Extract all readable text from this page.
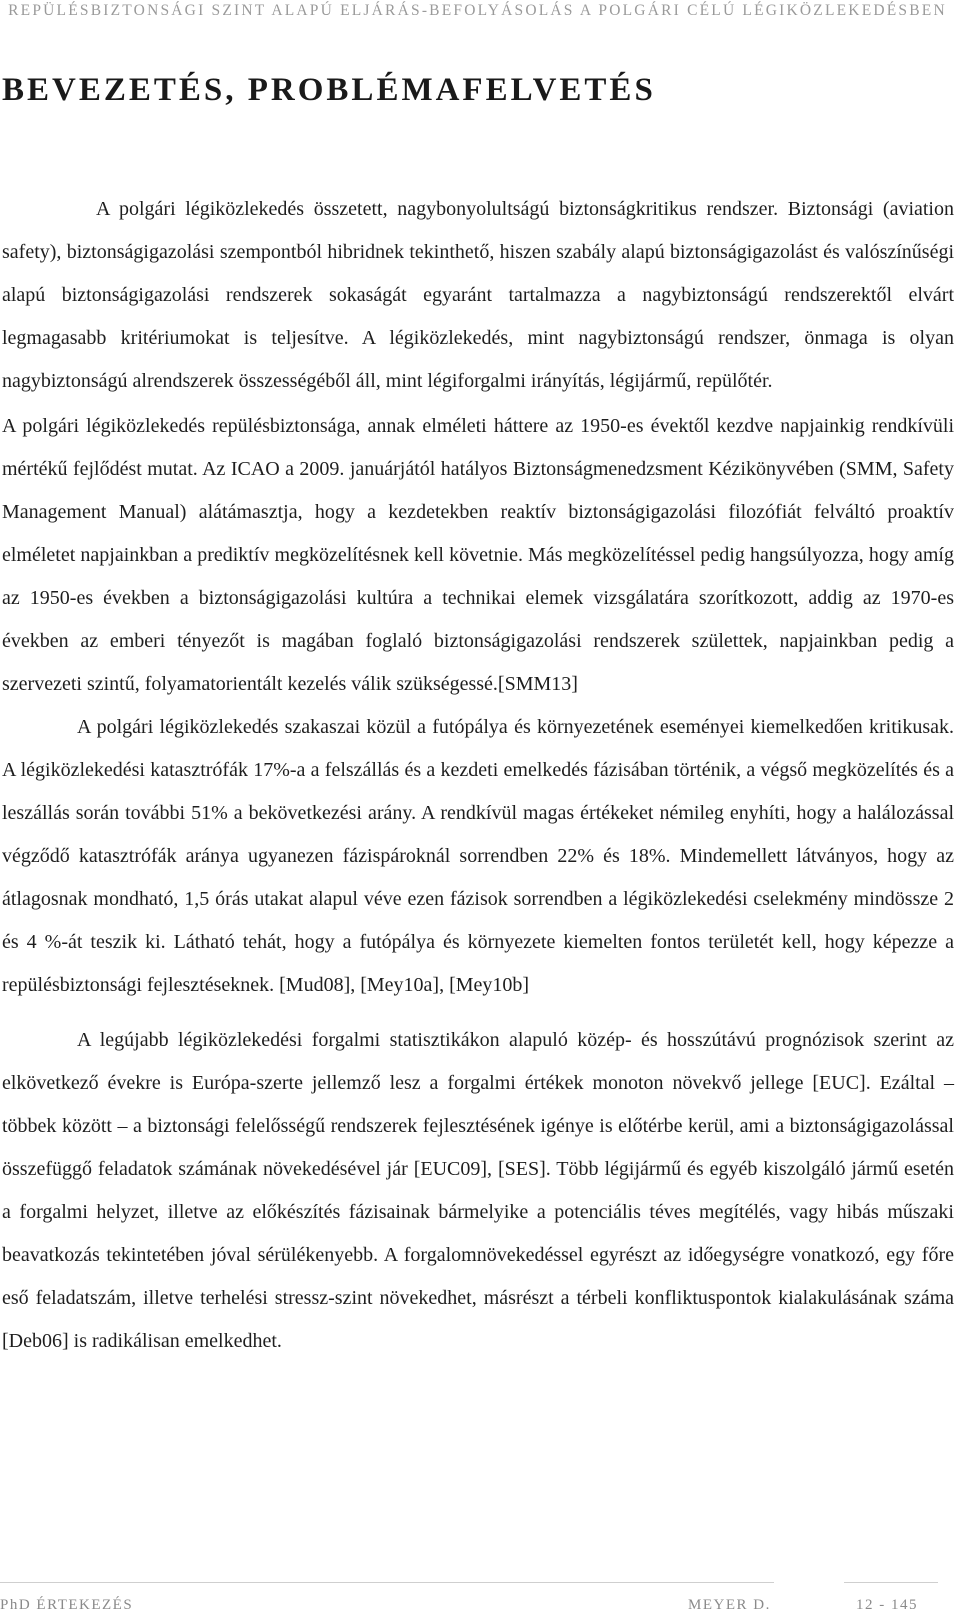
REPÜLÉSBIZTONSÁGI SZINT ALAPÚ ELJÁRÁS-BEFOLYÁSOLÁS A POLGÁRI CÉLÚ LÉGIKÖZLEKEDÉSBEN
BEVEZETÉS, PROBLÉMAFELVETÉS

A polgári légiközlekedés összetett, nagybonyolultságú biztonságkritikus rendszer. Biztonsági (aviation safety), biztonságigazolási szempontból hibridnek tekinthető, hiszen szabály alapú biztonságigazolást és valószínűségi alapú biztonságigazolási rendszerek sokaságát egyaránt tartalmazza a nagybiztonságú rendszerektől elvárt legmagasabb kritériumokat is teljesítve. A légiközlekedés, mint nagybiztonságú rendszer, önmaga is olyan nagybiztonságú alrendszerek összességéből áll, mint légiforgalmi irányítás, légijármű, repülőtér.

A polgári légiközlekedés repülésbiztonsága, annak elméleti háttere az 1950-es évektől kezdve napjainkig rendkívüli mértékű fejlődést mutat. Az ICAO a 2009. januárjától hatályos Biztonságmenedzsment Kézikönyvében (SMM, Safety Management Manual) alátámasztja, hogy a kezdetekben reaktív biztonságigazolási filozófiát felváltó proaktív elméletet napjainkban a prediktív megközelítésnek kell követnie. Más megközelítéssel pedig hangsúlyozza, hogy amíg az 1950-es években a biztonságigazolási kultúra a technikai elemek vizsgálatára szorítkozott, addig az 1970-es években az emberi tényezőt is magában foglaló biztonságigazolási rendszerek születtek, napjainkban pedig a szervezeti szintű, folyamatorientált kezelés válik szükségessé.[SMM13]

A polgári légiközlekedés szakaszai közül a futópálya és környezetének eseményei kiemelkedően kritikusak. A légiközlekedési katasztrófák 17%-a a felszállás és a kezdeti emelkedés fázisában történik, a végső megközelítés és a leszállás során további 51% a bekövetkezési arány. A rendkívül magas értékeket némileg enyhíti, hogy a halálozással végződő katasztrófák aránya ugyanezen fázispároknál sorrendben 22% és 18%. Mindemellett látványos, hogy az átlagosnak mondható, 1,5 órás utakat alapul véve ezen fázisok sorrendben a légiközlekedési cselekmény mindössze 2 és 4 %-át teszik ki. Látható tehát, hogy a futópálya és környezete kiemelten fontos területét kell, hogy képezze a repülésbiztonsági fejlesztéseknek. [Mud08], [Mey10a], [Mey10b]

A legújabb légiközlekedési forgalmi statisztikákon alapuló közép- és hosszútávú prognózisok szerint az elkövetkező évekre is Európa-szerte jellemző lesz a forgalmi értékek monoton növekvő jellege [EUC]. Ezáltal – többek között – a biztonsági felelősségű rendszerek fejlesztésének igénye is előtérbe kerül, ami a biztonságigazolással összefüggő feladatok számának növekedésével jár [EUC09], [SES]. Több légijármű és egyéb kiszolgáló jármű esetén a forgalmi helyzet, illetve az előkészítés fázisainak bármelyike a potenciális téves megítélés, vagy hibás műszaki beavatkozás tekintetében jóval sérülékenyebb. A forgalomnövekedéssel egyrészt az időegységre vonatkozó, egy főre eső feladatszám, illetve terhelési stressz-szint növekedhet, másrészt a térbeli konfliktuspontok kialakulásának száma [Deb06] is radikálisan emelkedhet.

PhD ÉRTEKEZÉS	MEYER D.	12 - 145
